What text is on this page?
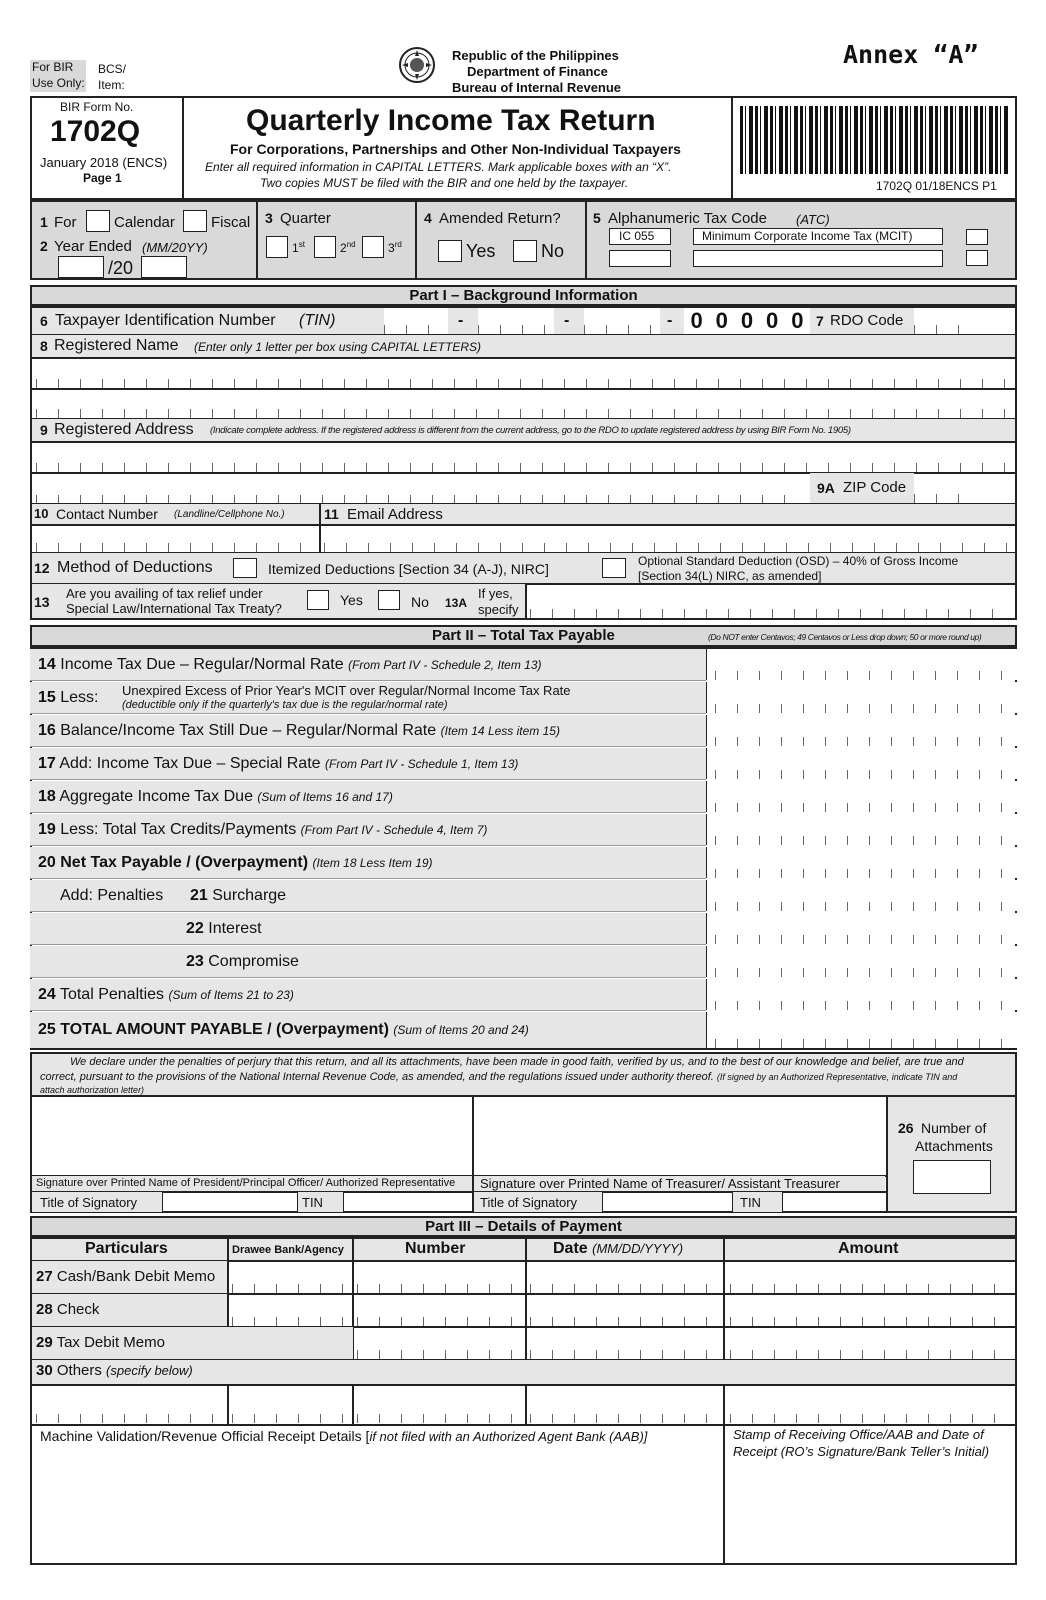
For BIR
Use Only:
BCS/
Item:
Republic of the Philippines
Department of Finance
Bureau of Internal Revenue
Annex “A”
BIR Form No.
1702Q
January 2018 (ENCS)
Page 1
Quarterly Income Tax Return
For Corporations, Partnerships and Other Non-Individual Taxpayers
Enter all required information in CAPITAL LETTERS. Mark applicable boxes with an “X”.
Two copies MUST be filed with the BIR and one held by the taxpayer.	1702Q 01/18ENCS P1
1 For	Calendar Fiscal
2 Year Ended (MM/20YY)
/20
3 Quarter
1st	2nd	3rd
4 Amended Return?
Yes	No
5 Alphanumeric Tax Code (ATC)
IC 055	Minimum Corporate Income Tax (MCIT)
Part I – Background Information
6 Taxpayer Identification Number (TIN)	-	-	- 0 0 0 0 0 7 RDO Code
8 Registered Name (Enter only 1 letter per box using CAPITAL LETTERS)
9 Registered Address (Indicate complete address. If the registered address is different from the current address, go to the RDO to update registered address by using BIR Form No. 1905)
9A ZIP Code
10 Contact Number (Landline/Cellphone No.)	11 Email Address
12 Method of Deductions	Itemized Deductions [Section 34 (A-J), NIRC]	Optional Standard Deduction (OSD) – 40% of Gross Income
[Section 34(L) NIRC, as amended]
13
Are you availing of tax relief under
Special Law/International Tax Treaty?
Yes	No 13A
If yes,
specify
Part II – Total Tax Payable	(Do NOT enter Centavos; 49 Centavos or Less drop down; 50 or more round up)
14 Income Tax Due – Regular/Normal Rate (From Part IV - Schedule 2, Item 13)
15 Less: Unexpired Excess of Prior Year's MCIT over Regular/Normal Income Tax Rate
(deductible only if the quarterly's tax due is the regular/normal rate)
16 Balance/Income Tax Still Due – Regular/Normal Rate (Item 14 Less item 15)
17 Add: Income Tax Due – Special Rate (From Part IV - Schedule 1, Item 13)
18 Aggregate Income Tax Due (Sum of Items 16 and 17)
19 Less: Total Tax Credits/Payments (From Part IV - Schedule 4, Item 7)
20 Net Tax Payable / (Overpayment) (Item 18 Less Item 19)
Add: Penalties 21 Surcharge
22 Interest
23 Compromise
24 Total Penalties (Sum of Items 21 to 23)
25 TOTAL AMOUNT PAYABLE / (Overpayment) (Sum of Items 20 and 24)
We declare under the penalties of perjury that this return, and all its attachments, have been made in good faith, verified by us, and to the best of our knowledge and belief, are true and
correct, pursuant to the provisions of the National Internal Revenue Code, as amended, and the regulations issued under authority thereof. (If signed by an Authorized Representative, indicate TIN and
attach authorization letter)
26 Number of
Attachments
Signature over Printed Name of President/Principal Officer/ Authorized Representative Signature over Printed Name of Treasurer/ Assistant Treasurer
Title of Signatory	TIN	Title of Signatory	TIN
Part III – Details of Payment
Particulars	Drawee Bank/Agency	Number	Date (MM/DD/YYYY)	Amount
27 Cash/Bank Debit Memo
28 Check
29 Tax Debit Memo
30 Others (specify below)
Machine Validation/Revenue Official Receipt Details [if not filed with an Authorized Agent Bank (AAB)]	Stamp of Receiving Office/AAB and Date of
Receipt (RO’s Signature/Bank Teller’s Initial)
